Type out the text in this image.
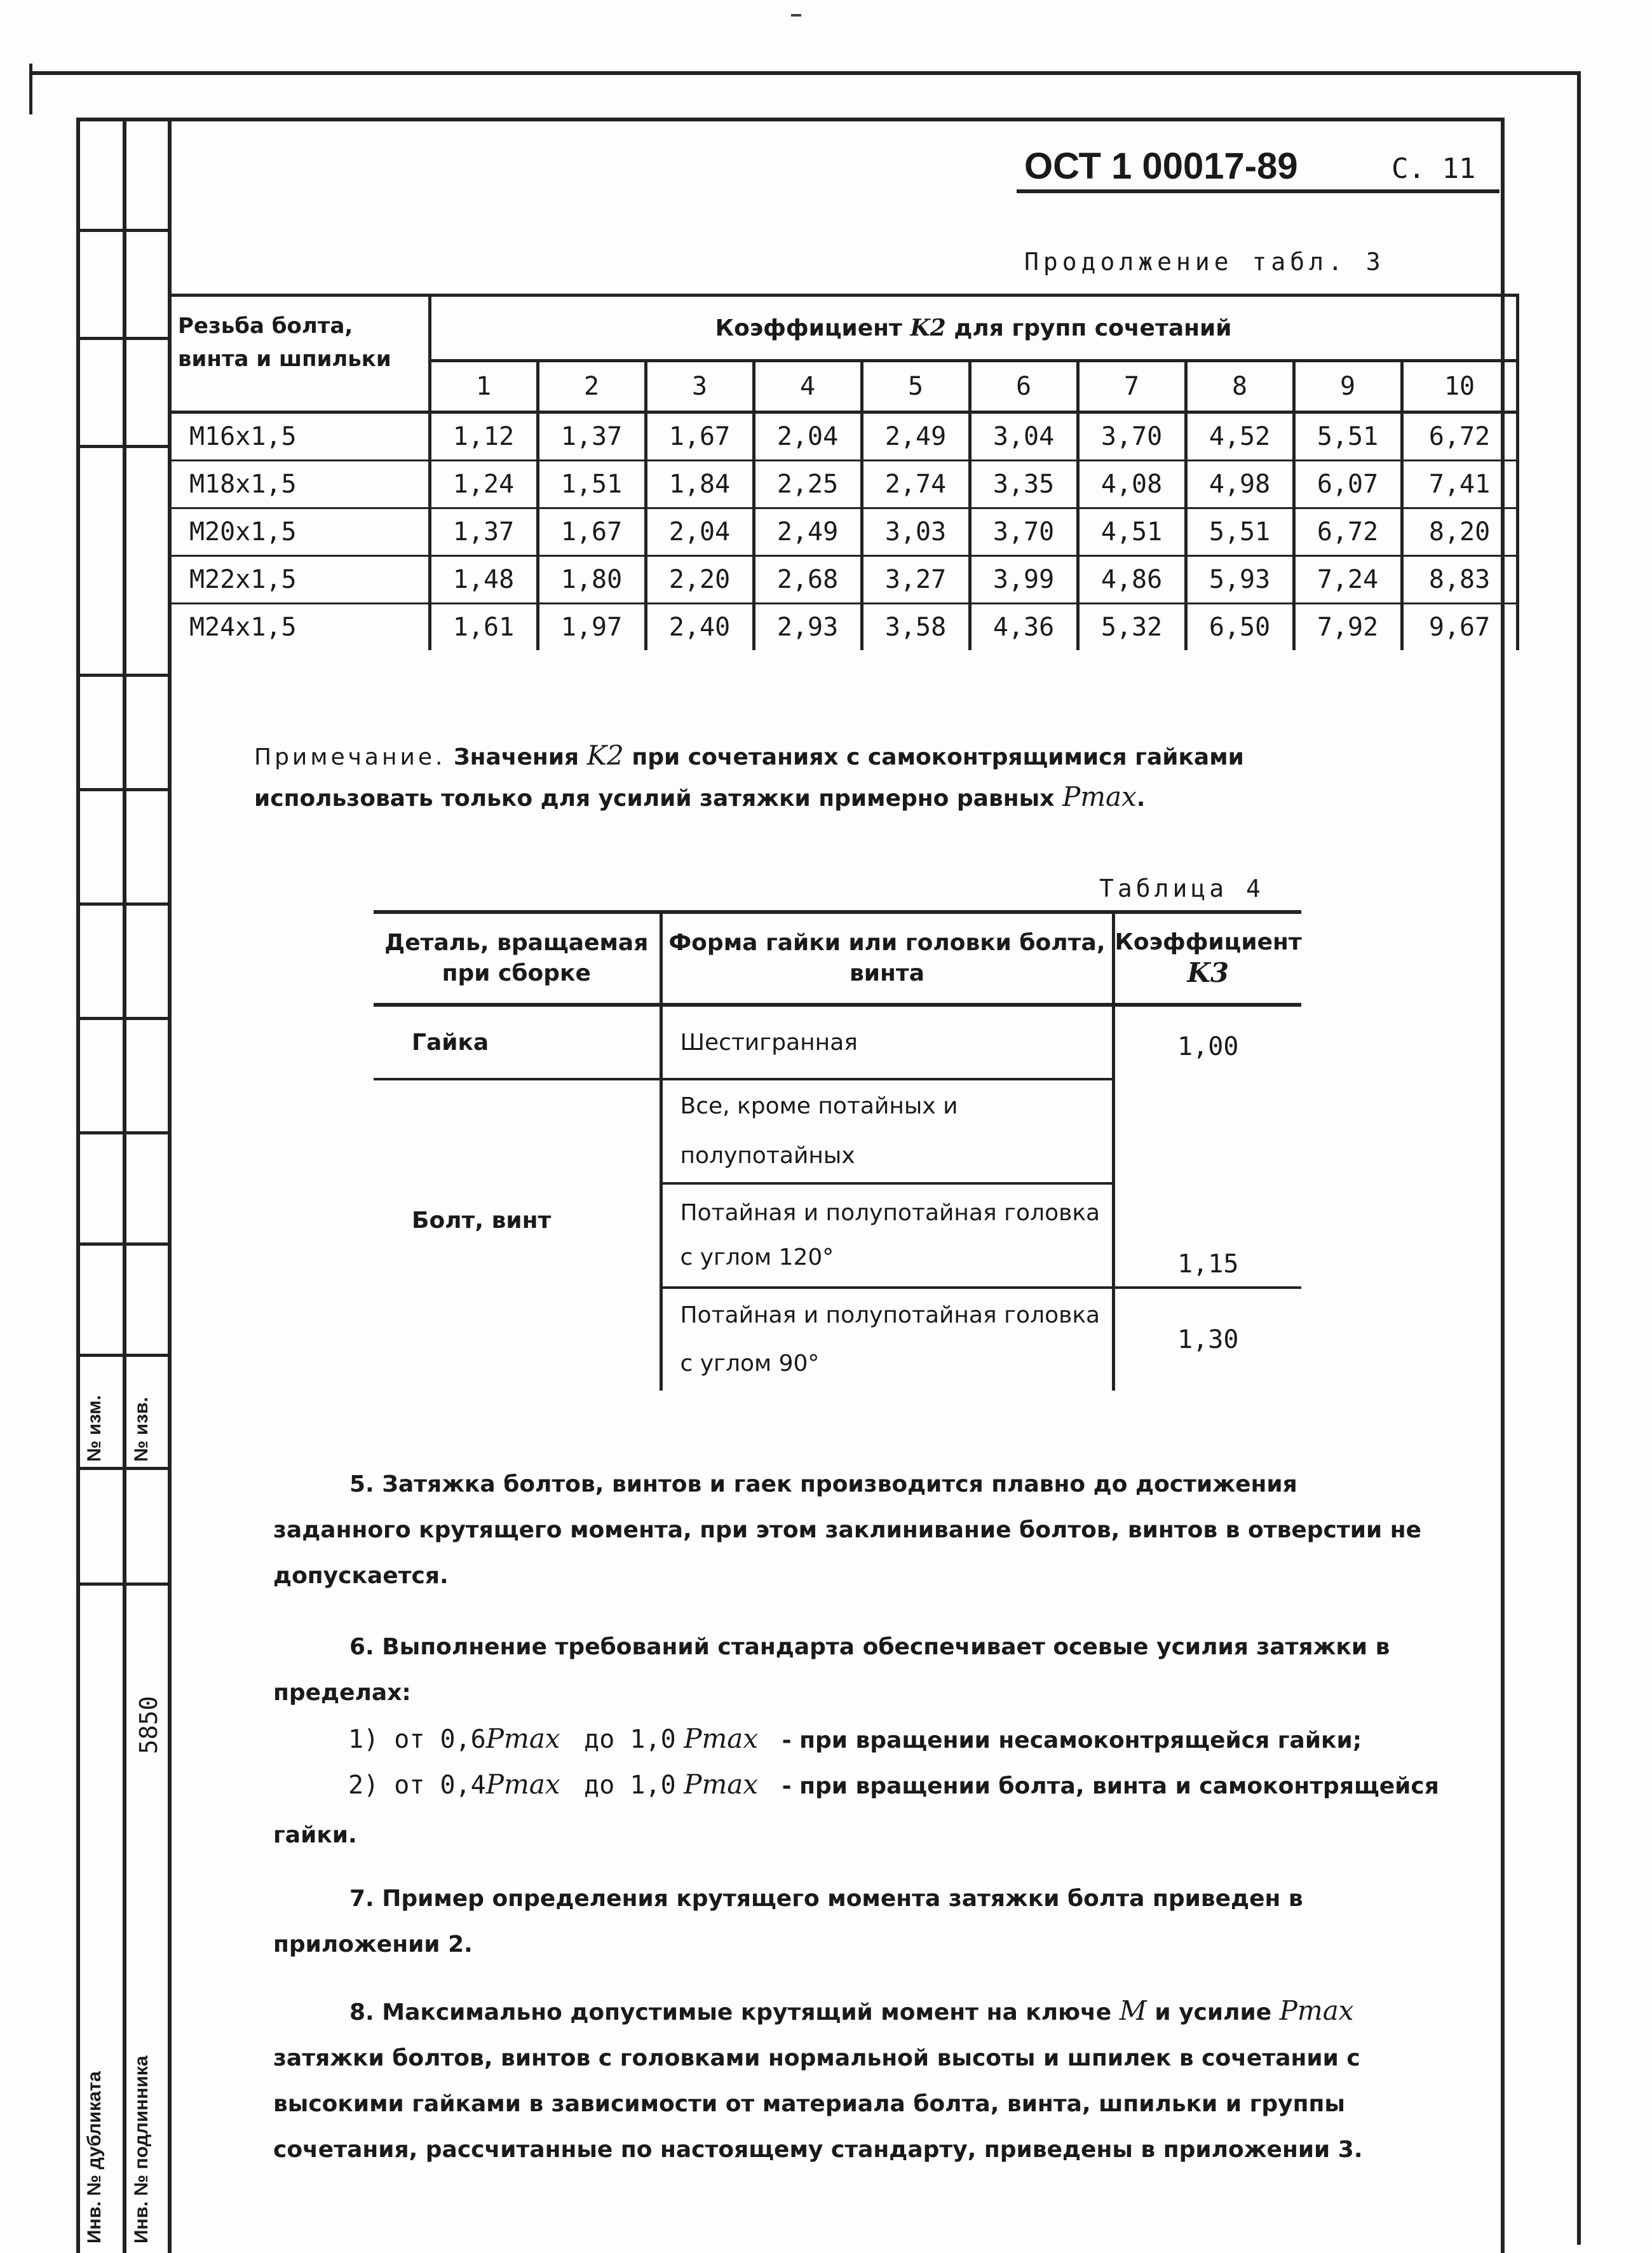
№ изм. № изв.
5850
Инв. № дубликата Инв. № подлинника
ОСТ 1 00017-89	С. 11
Продолжение табл. 3
Резьба болта, винта и шпильки	Коэффициент K2 для групп сочетаний									
	1	2	3	4	5	6	7	8	9	10
М16x1,5	1,12	1,37	1,67	2,04	2,49	3,04	3,70	4,52	5,51	6,72
М18x1,5	1,24	1,51	1,84	2,25	2,74	3,35	4,08	4,98	6,07	7,41
М20x1,5	1,37	1,67	2,04	2,49	3,03	3,70	4,51	5,51	6,72	8,20
М22x1,5	1,48	1,80	2,20	2,68	3,27	3,99	4,86	5,93	7,24	8,83
М24x1,5	1,61	1,97	2,40	2,93	3,58	4,36	5,32	6,50	7,92	9,67
Примечание. Значения K2 при сочетаниях с самоконтрящимися гайками использовать только для усилий затяжки примерно равных Pmax.
Таблица 4
Деталь, вращаемая при сборке	Форма гайки или головки болта, винта	Коэффициент
K3
Гайка	Шестигранная	1,00
Болт, винт	Все, кроме потайных и полупотайных	
	Потайная и полупотайная головка с углом 120°	1,15
	Потайная и полупотайная головка с углом 90°	1,30
5. Затяжка болтов, винтов и гаек производится плавно до достижения заданного крутящего момента, при этом заклинивание болтов, винтов в отверстии не допускается.
6. Выполнение требований стандарта обеспечивает осевые усилия затяжки в пределах:
1) от 0,6Pmax до 1,0 Pmax - при вращении несамоконтрящейся гайки;
2) от 0,4Pmax до 1,0 Pmax - при вращении болта, винта и самоконтрящейся
гайки.
7. Пример определения крутящего момента затяжки болта приведен в приложении 2.
8. Максимально допустимые крутящий момент на ключе M и усилие Pmax затяжки болтов, винтов с головками нормальной высоты и шпилек в сочетании с высокими гайками в зависимости от материала болта, винта, шпильки и группы сочетания, рассчитанные по настоящему стандарту, приведены в приложении 3.
